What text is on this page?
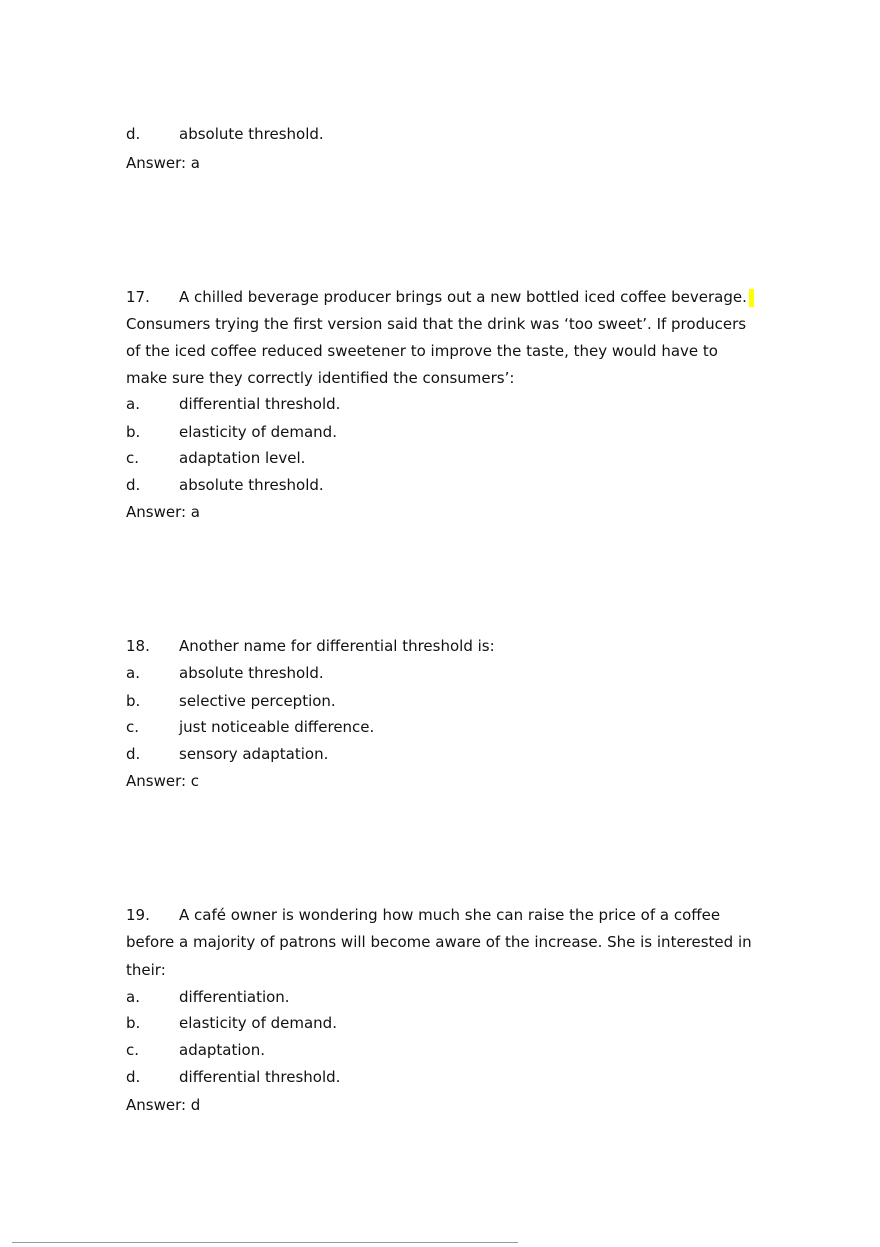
d.	absolute threshold.
Answer: a
17. A chilled beverage producer brings out a new bottled iced coffee beverage.
Consumers trying the first version said that the drink was ‘too sweet’. If producers
of the iced coffee reduced sweetener to improve the taste, they would have to
make sure they correctly identified the consumers’:
a.	differential threshold.
b.	elasticity of demand.
c.	adaptation level.
d.	absolute threshold.
Answer: a
18. Another name for differential threshold is:
a.	absolute threshold.
b.	selective perception.
c.	just noticeable difference.
d.	sensory adaptation.
Answer: c
19. A café owner is wondering how much she can raise the price of a coffee
before a majority of patrons will become aware of the increase. She is interested in
their:
a.	differentiation.
b.	elasticity of demand.
c.	adaptation.
d.	differential threshold.
Answer: d
